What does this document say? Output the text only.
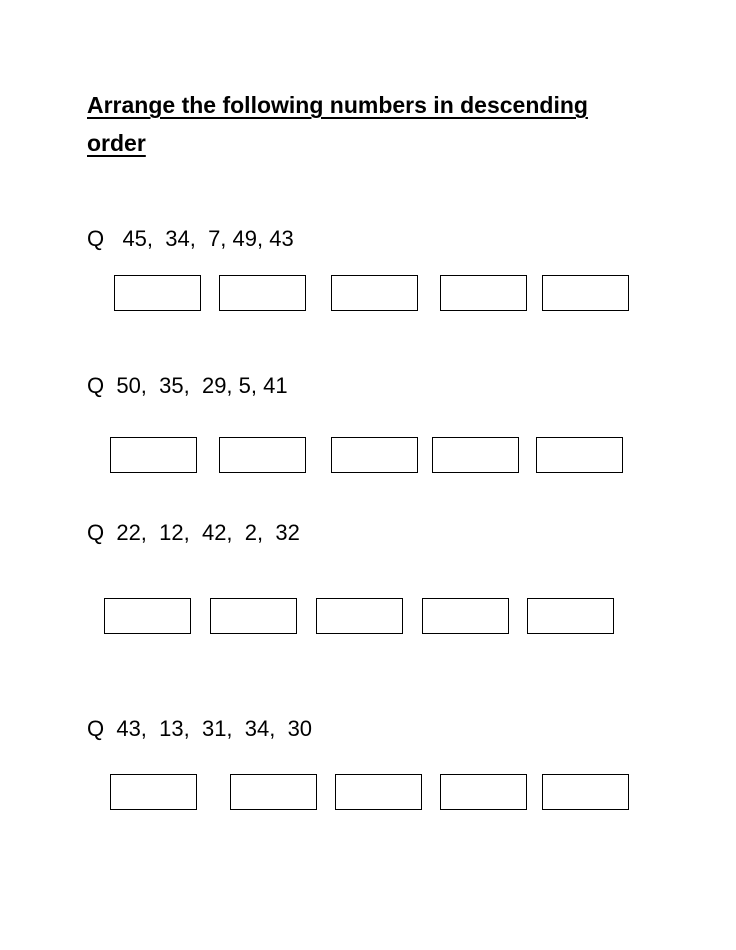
Arrange the following numbers in descending order

Q   45,  34,  7, 49, 43

Q  50,  35,  29, 5, 41

Q  22,  12,  42,  2,  32

Q  43,  13,  31,  34,  30
